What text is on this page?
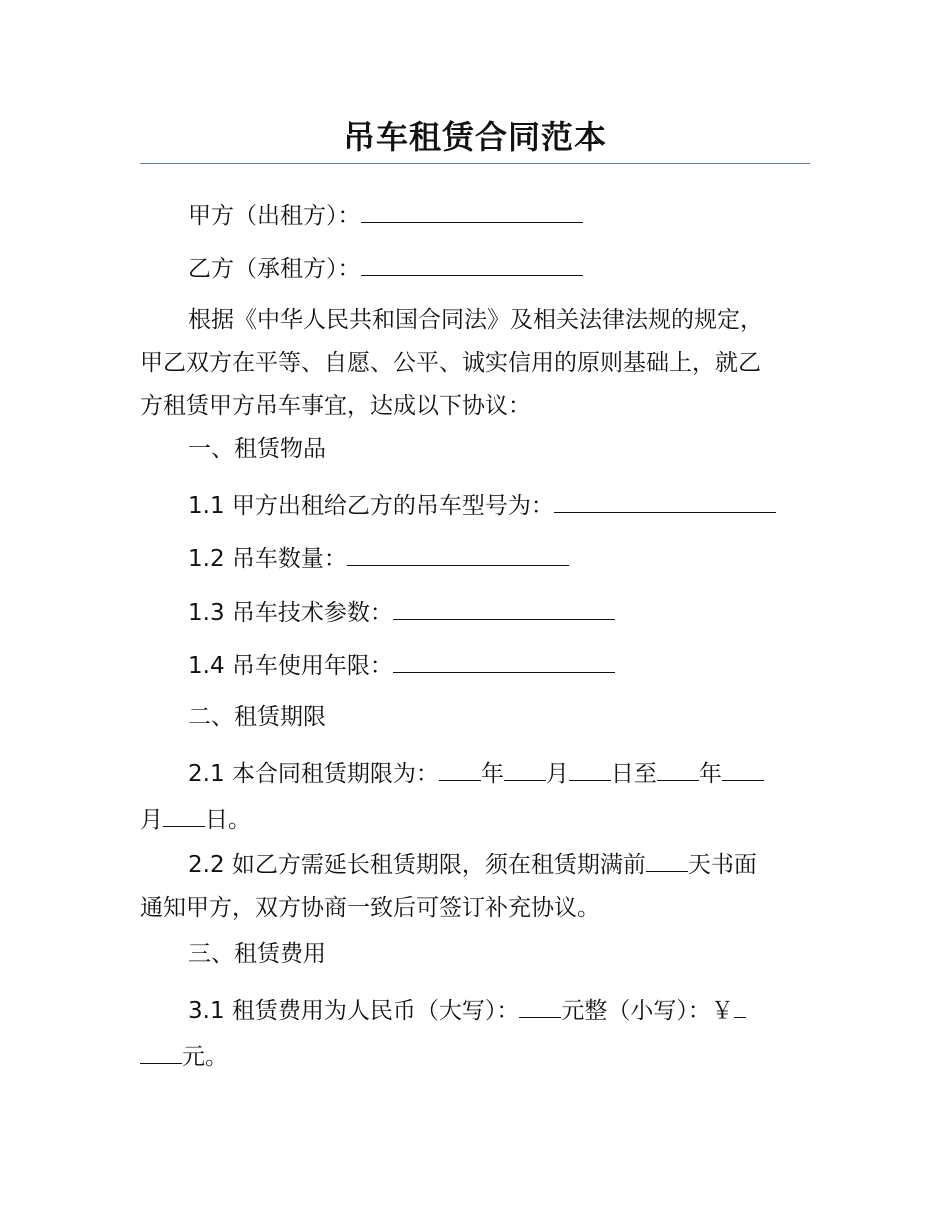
吊车租赁合同范本

甲方（出租方）：

乙方（承租方）：

根据《中华人民共和国合同法》及相关法律法规的规定，
甲乙双方在平等、自愿、公平、诚实信用的原则基础上，就乙
方租赁甲方吊车事宜，达成以下协议：

一、租赁物品

1.1 甲方出租给乙方的吊车型号为：

1.2 吊车数量：

1.3 吊车技术参数：

1.4 吊车使用年限：

二、租赁期限

2.1 本合同租赁期限为： 年 月 日至 年
月 日。
2.2 如乙方需延长租赁期限，须在租赁期满前 天书面
通知甲方，双方协商一致后可签订补充协议。

三、租赁费用

3.1 租赁费用为人民币（大写）： 元整（小写）：￥
元。
